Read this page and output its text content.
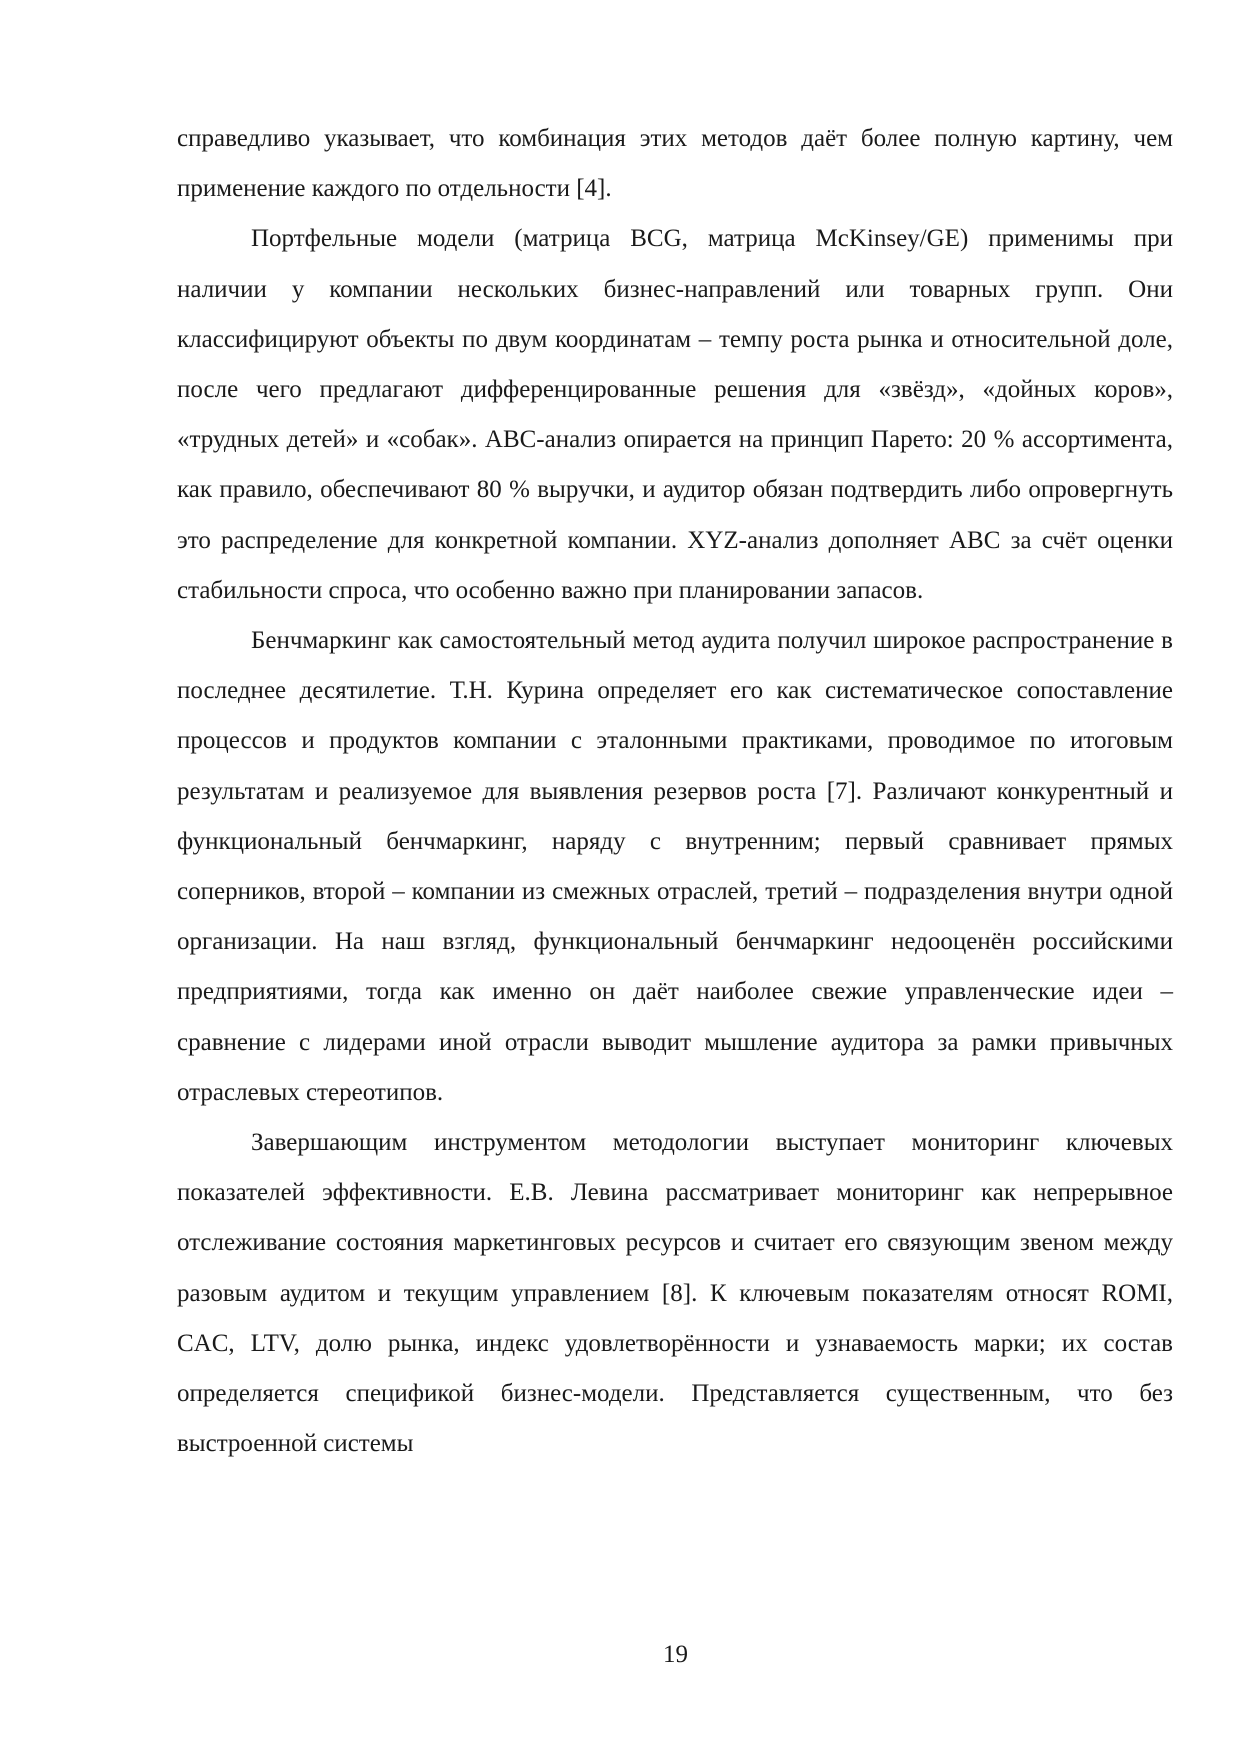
справедливо указывает, что комбинация этих методов даёт более полную картину, чем применение каждого по отдельности [4].

Портфельные модели (матрица BCG, матрица McKinsey/GE) применимы при наличии у компании нескольких бизнес-направлений или товарных групп. Они классифицируют объекты по двум координатам – темпу роста рынка и относительной доле, после чего предлагают дифференцированные решения для «звёзд», «дойных коров», «трудных детей» и «собак». ABC-анализ опирается на принцип Парето: 20 % ассортимента, как правило, обеспечивают 80 % выручки, и аудитор обязан подтвердить либо опровергнуть это распределение для конкретной компании. XYZ-анализ дополняет ABC за счёт оценки стабильности спроса, что особенно важно при планировании запасов.

Бенчмаркинг как самостоятельный метод аудита получил широкое распространение в последнее десятилетие. Т.Н. Курина определяет его как систематическое сопоставление процессов и продуктов компании с эталонными практиками, проводимое по итоговым результатам и реализуемое для выявления резервов роста [7]. Различают конкурентный и функциональный бенчмаркинг, наряду с внутренним; первый сравнивает прямых соперников, второй – компании из смежных отраслей, третий – подразделения внутри одной организации. На наш взгляд, функциональный бенчмаркинг недооценён российскими предприятиями, тогда как именно он даёт наиболее свежие управленческие идеи – сравнение с лидерами иной отрасли выводит мышление аудитора за рамки привычных отраслевых стереотипов.

Завершающим инструментом методологии выступает мониторинг ключевых показателей эффективности. Е.В. Левина рассматривает мониторинг как непрерывное отслеживание состояния маркетинговых ресурсов и считает его связующим звеном между разовым аудитом и текущим управлением [8]. К ключевым показателям относят ROMI, CAC, LTV, долю рынка, индекс удовлетворённости и узнаваемость марки; их состав определяется спецификой бизнес-модели. Представляется существенным, что без выстроенной системы

19
